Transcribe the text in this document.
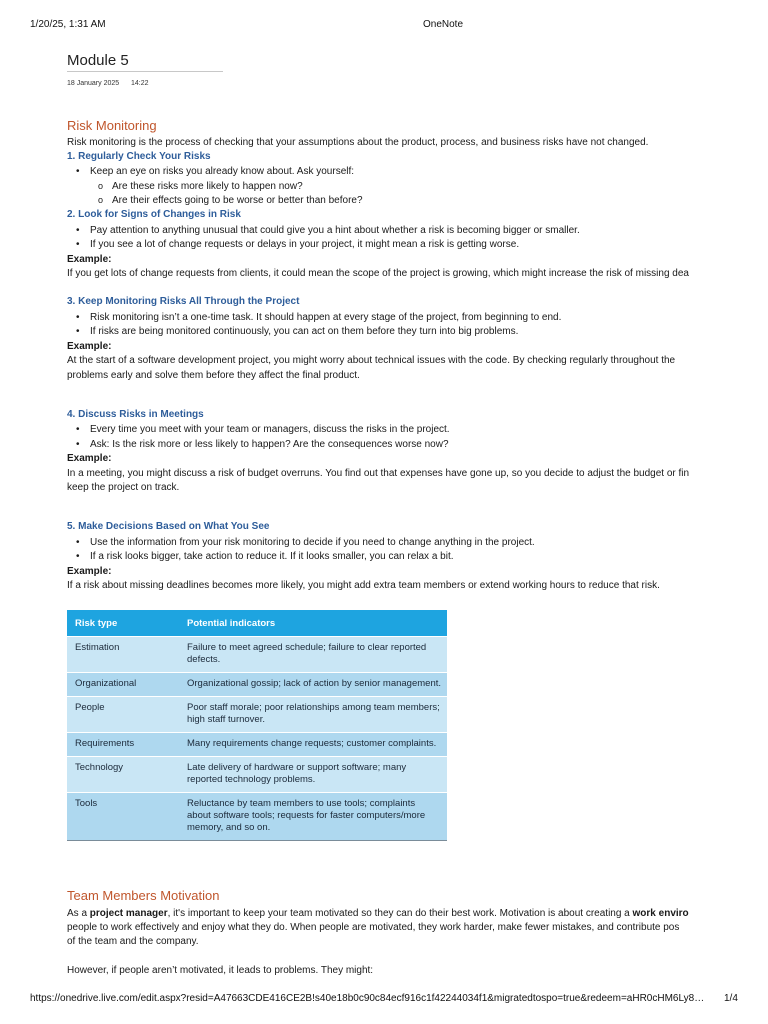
1/20/25, 1:31 AM	OneNote
Module 5
18 January 2025 14:22
Risk Monitoring
Risk monitoring is the process of checking that your assumptions about the product, process, and business risks have not changed.
1. Regularly Check Your Risks
• Keep an eye on risks you already know about. Ask yourself:
o Are these risks more likely to happen now?
o Are their effects going to be worse or better than before?
2. Look for Signs of Changes in Risk
• Pay attention to anything unusual that could give you a hint about whether a risk is becoming bigger or smaller.
• If you see a lot of change requests or delays in your project, it might mean a risk is getting worse.
Example:
If you get lots of change requests from clients, it could mean the scope of the project is growing, which might increase the risk of missing dea
3. Keep Monitoring Risks All Through the Project
• Risk monitoring isn’t a one-time task. It should happen at every stage of the project, from beginning to end.
• If risks are being monitored continuously, you can act on them before they turn into big problems.
Example:
At the start of a software development project, you might worry about technical issues with the code. By checking regularly throughout the
problems early and solve them before they affect the final product.
4. Discuss Risks in Meetings
• Every time you meet with your team or managers, discuss the risks in the project.
• Ask: Is the risk more or less likely to happen? Are the consequences worse now?
Example:
In a meeting, you might discuss a risk of budget overruns. You find out that expenses have gone up, so you decide to adjust the budget or fin
keep the project on track.
5. Make Decisions Based on What You See
• Use the information from your risk monitoring to decide if you need to change anything in the project.
• If a risk looks bigger, take action to reduce it. If it looks smaller, you can relax a bit.
Example:
If a risk about missing deadlines becomes more likely, you might add extra team members or extend working hours to reduce that risk.
Risk type	Potential indicators
Estimation	Failure to meet agreed schedule; failure to clear reported defects.
Organizational	Organizational gossip; lack of action by senior management.
People	Poor staff morale; poor relationships among team members; high staff turnover.
Requirements	Many requirements change requests; customer complaints.
Technology	Late delivery of hardware or support software; many reported technology problems.
Tools	Reluctance by team members to use tools; complaints about software tools; requests for faster computers/more memory, and so on.
Team Members Motivation
As a project manager, it's important to keep your team motivated so they can do their best work. Motivation is about creating a work enviro
people to work effectively and enjoy what they do. When people are motivated, they work harder, make fewer mistakes, and contribute pos
of the team and the company.
However, if people aren’t motivated, it leads to problems. They might:
https://onedrive.live.com/edit.aspx?resid=A47663CDE416CE2B!s40e18b0c90c84ecf916c1f42244034f1&migratedtospo=true&redeem=aHR0cHM6Ly8…	1/4
